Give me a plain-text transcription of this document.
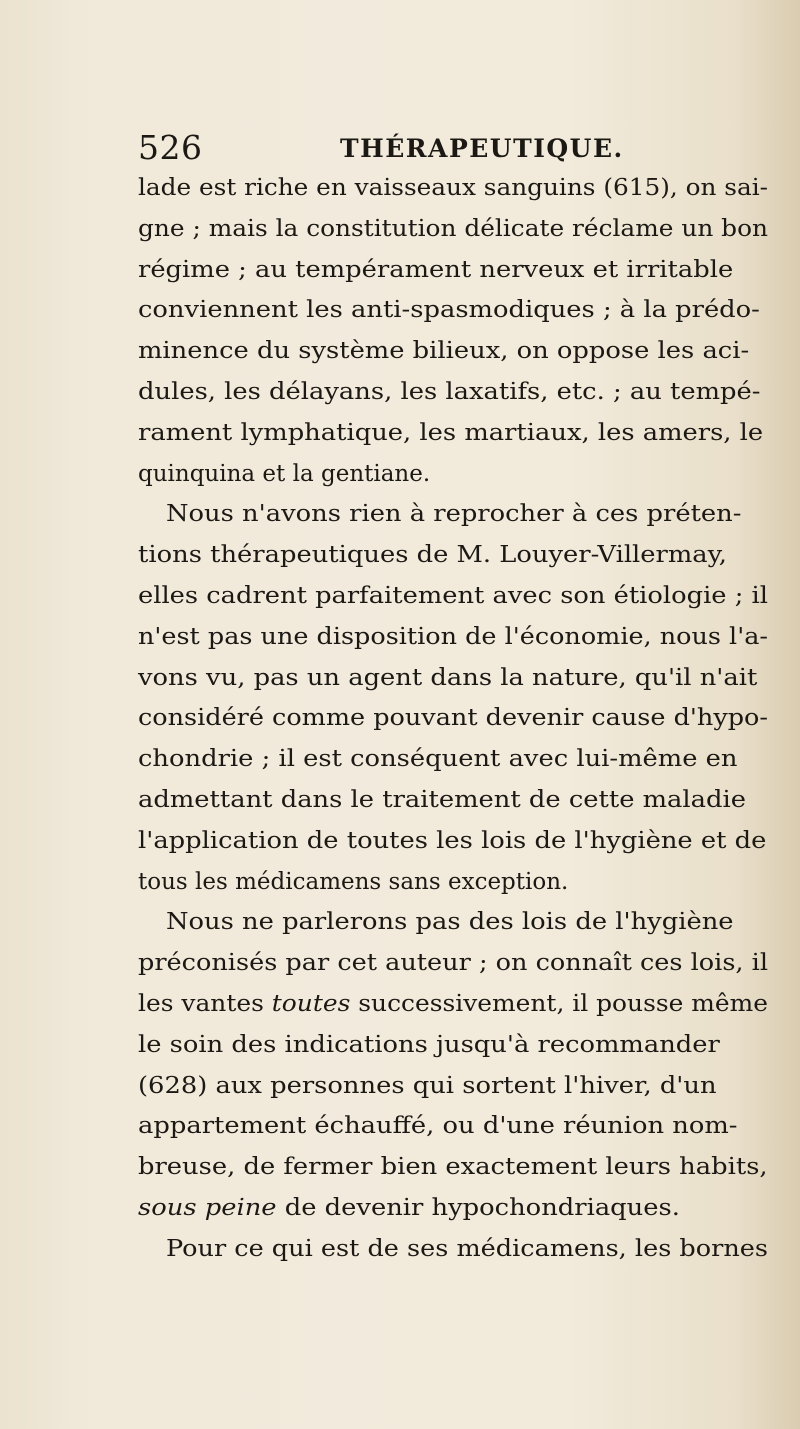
526	THÉRAPEUTIQUE.
lade est riche en vaisseaux sanguins (615), on sai-
gne ; mais la constitution délicate réclame un bon
régime ; au tempérament nerveux et irritable
conviennent les anti-spasmodiques ; à la prédo-
minence du système bilieux, on oppose les aci-
dules, les délayans, les laxatifs, etc. ; au tempé-
rament lymphatique, les martiaux, les amers, le
quinquina et la gentiane.
Nous n'avons rien à reprocher à ces préten-
tions thérapeutiques de M. Louyer-Villermay,
elles cadrent parfaitement avec son étiologie ; il
n'est pas une disposition de l'économie, nous l'a-
vons vu, pas un agent dans la nature, qu'il n'ait
considéré comme pouvant devenir cause d'hypo-
chondrie ; il est conséquent avec lui-même en
admettant dans le traitement de cette maladie
l'application de toutes les lois de l'hygiène et de
tous les médicamens sans exception.
Nous ne parlerons pas des lois de l'hygiène
préconisés par cet auteur ; on connaît ces lois, il
les vantes toutes successivement, il pousse même
le soin des indications jusqu'à recommander
(628) aux personnes qui sortent l'hiver, d'un
appartement échauffé, ou d'une réunion nom-
breuse, de fermer bien exactement leurs habits,
sous peine de devenir hypochondriaques.
Pour ce qui est de ses médicamens, les bornes
